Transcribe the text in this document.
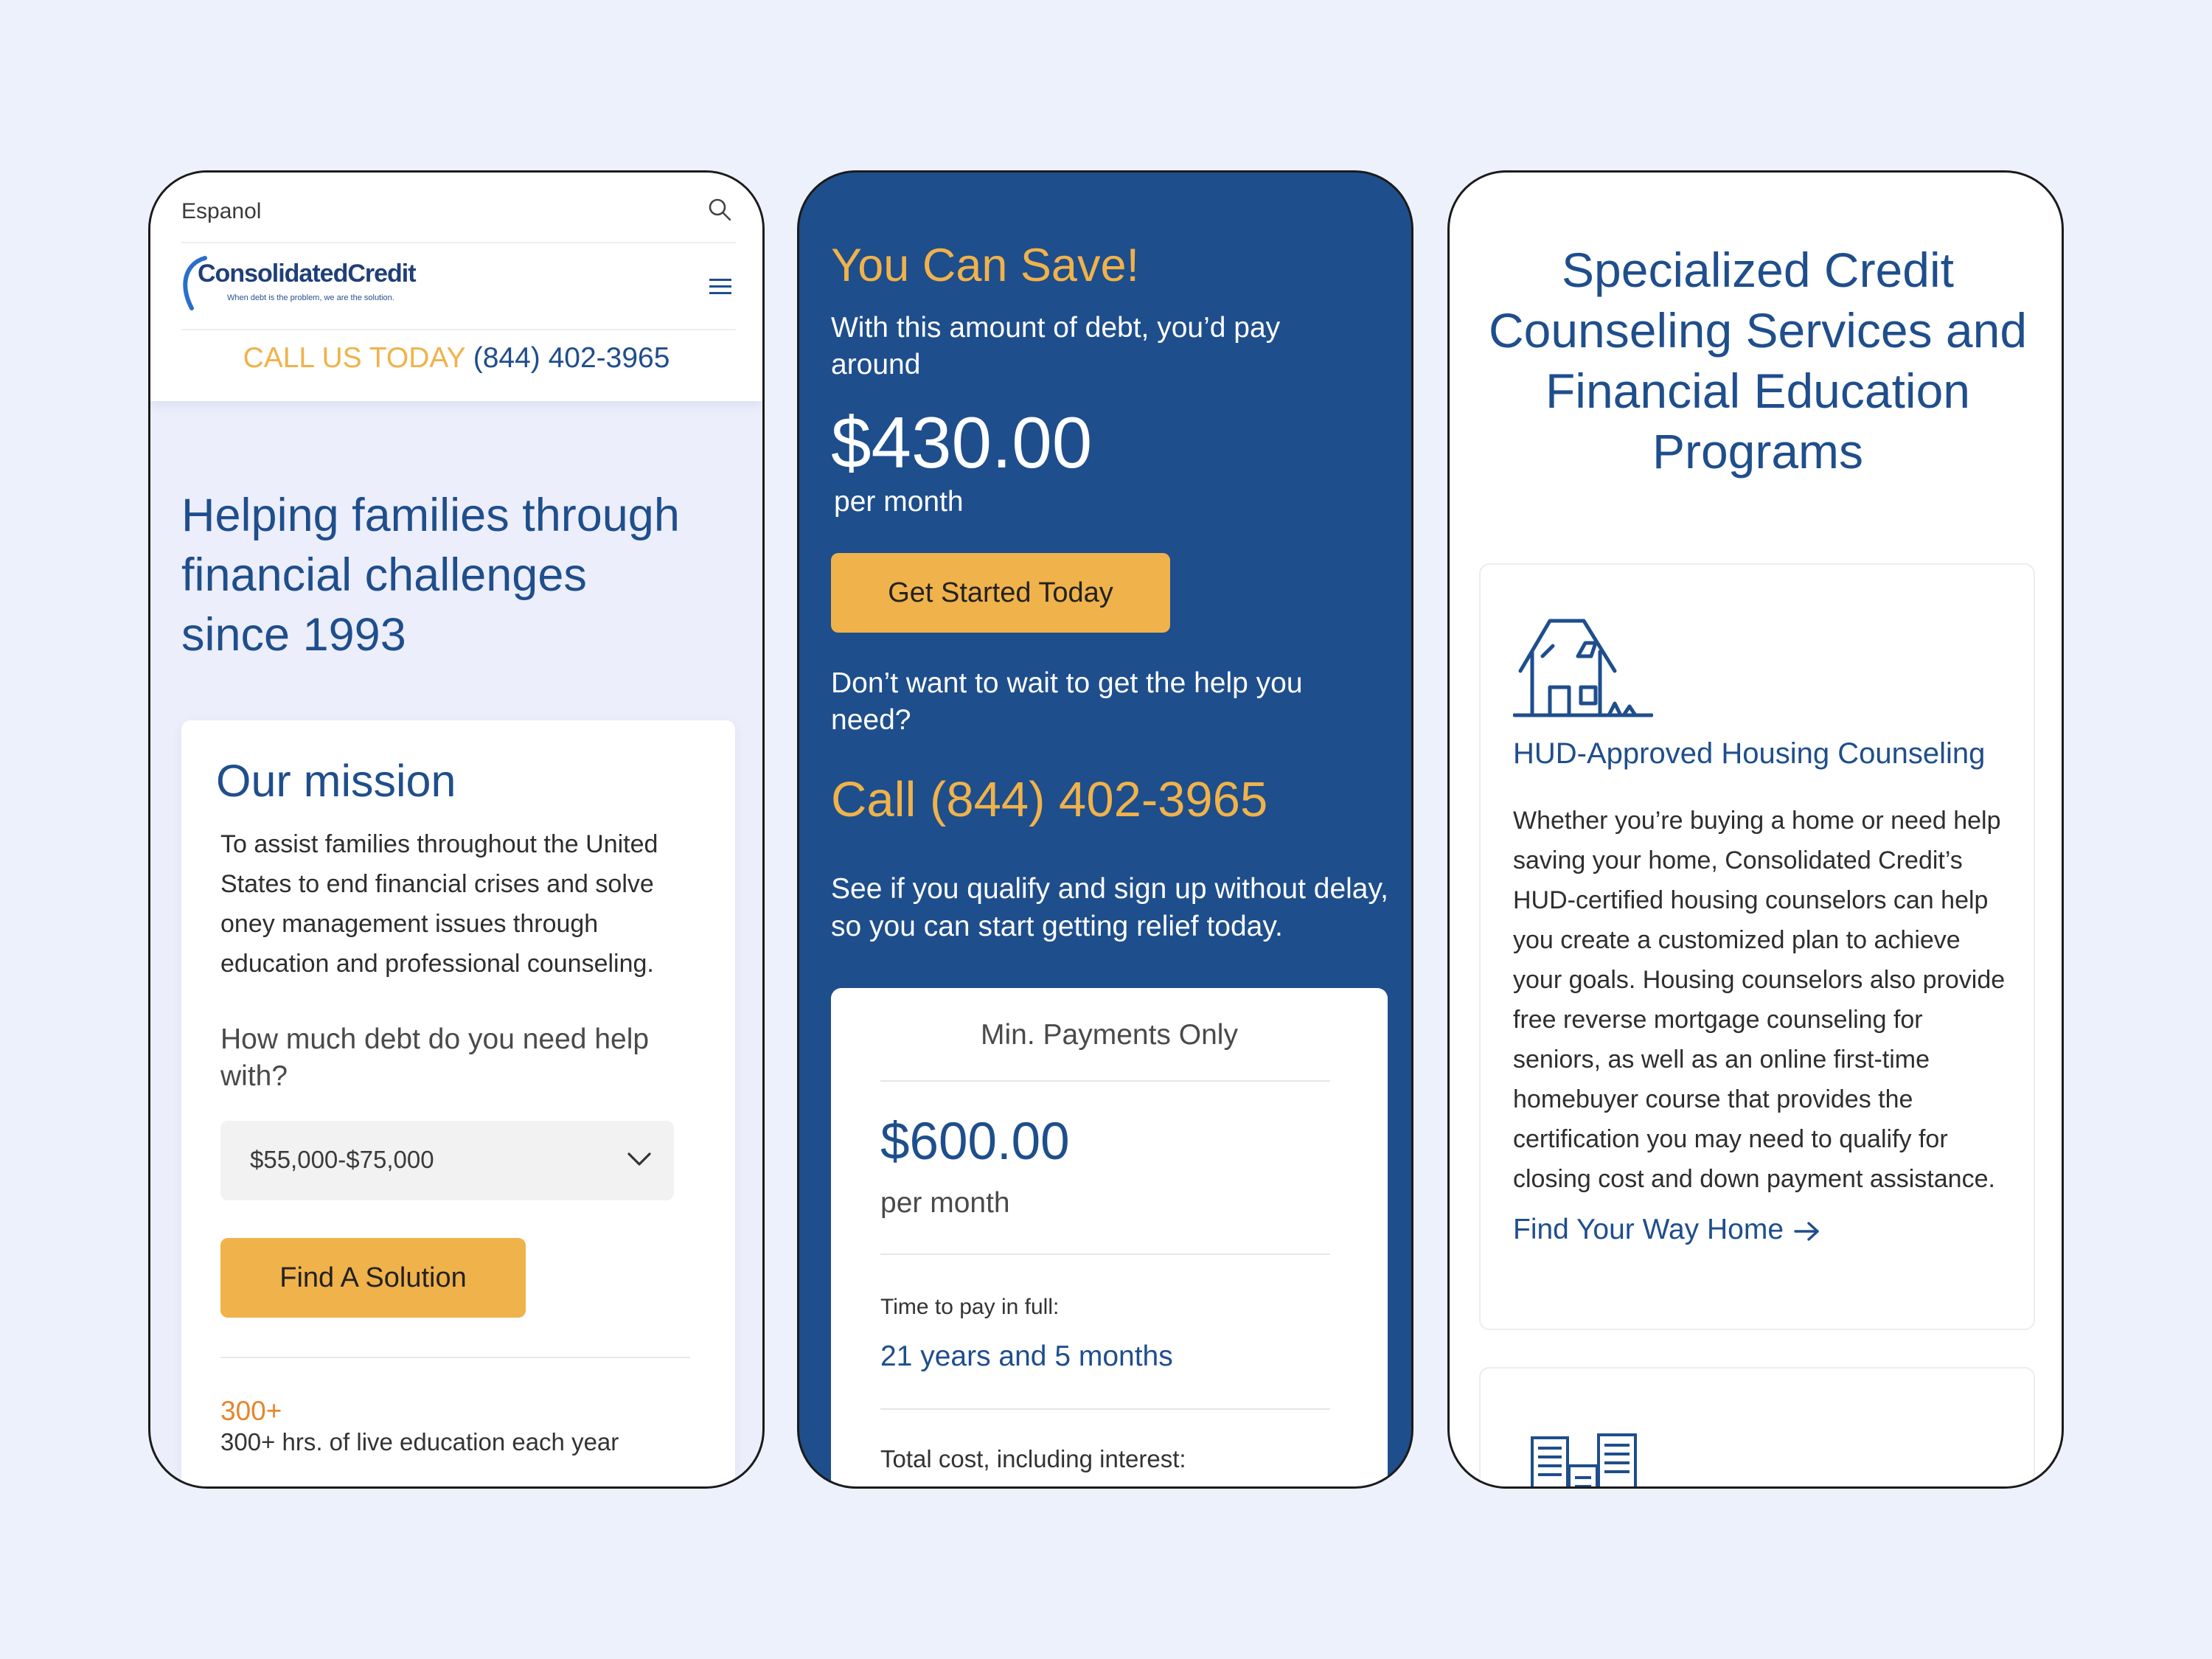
Espanol
ConsolidatedCredit
When debt is the problem, we are the solution.
CALL US TODAY (844) 402-3965
Helping families through financial challenges since 1993
Our mission
To assist families throughout the United States to end financial crises and solve oney management issues through education and professional counseling.
How much debt do you need help with?
$55,000-$75,000
Find A Solution
300+
300+ hrs. of live education each year
You Can Save!
With this amount of debt, you’d pay around
$430.00
per month
Get Started Today
Don’t want to wait to get the help you need?
Call (844) 402-3965
See if you qualify and sign up without delay, so you can start getting relief today.
Min. Payments Only
$600.00
per month
Time to pay in full:
21 years and 5 months
Total cost, including interest:
Specialized Credit Counseling Services and Financial Education Programs
HUD-Approved Housing Counseling
Whether you’re buying a home or need help saving your home, Consolidated Credit’s HUD-certified housing counselors can help you create a customized plan to achieve your goals. Housing counselors also provide free reverse mortgage counseling for seniors, as well as an online first-time homebuyer course that provides the certification you may need to qualify for closing cost and down payment assistance.
Find Your Way Home
